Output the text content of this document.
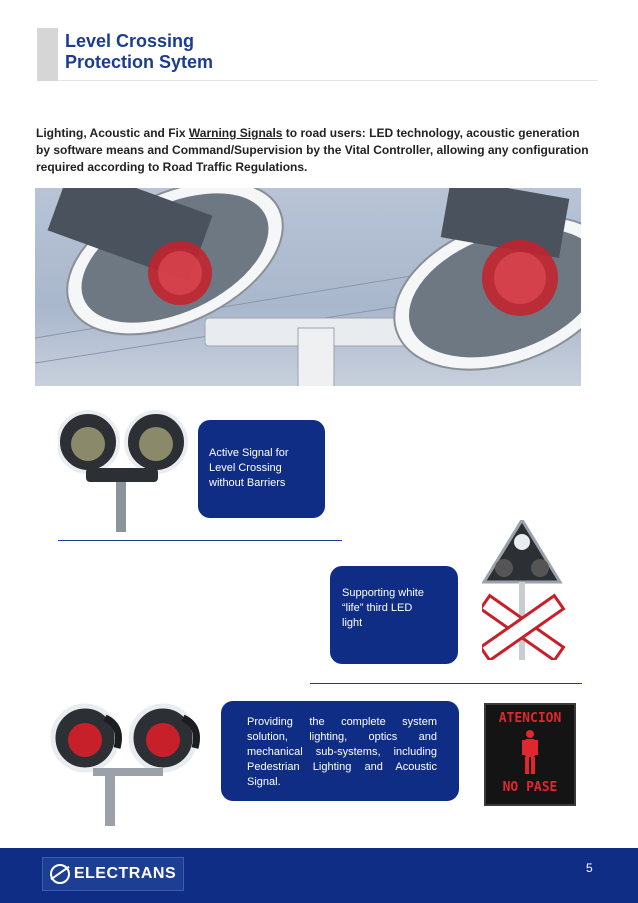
Level Crossing
Protection Sytem
Lighting, Acoustic and Fix Warning Signals to road users: LED technology, acoustic generation by software means and Command/Supervision by the Vital Controller, allowing any configuration required according to Road Traffic Regulations.
Active Signal for
Level Crossing
without Barriers
Supporting white
“life” third LED
light
Providing the complete system solution, lighting, optics and mechanical sub-systems, including Pedestrian Lighting and Acoustic Signal.
ATENCION
NO PASE
ELECTRANS	5
